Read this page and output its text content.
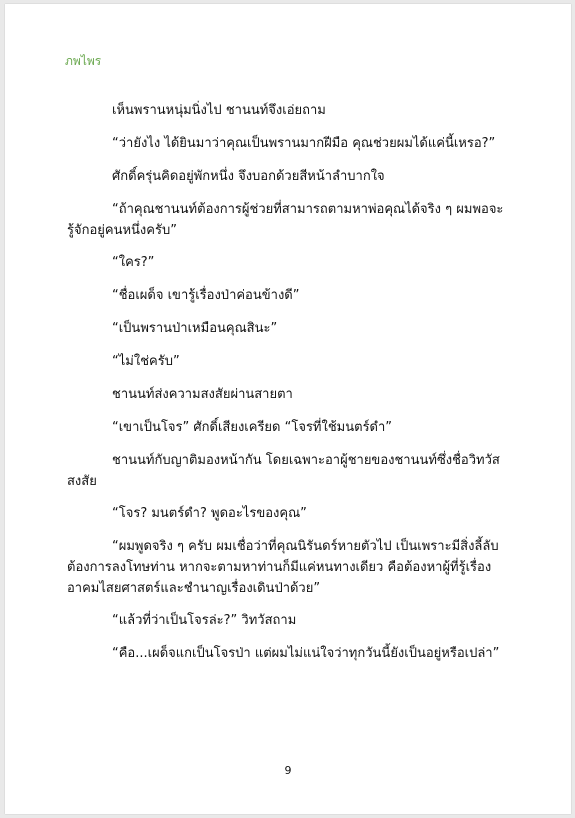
ภพไพร

เห็นพรานหนุ่มนิ่งไป ชานนท์จึงเอ่ยถาม

“ว่ายังไง ได้ยินมาว่าคุณเป็นพรานมากฝีมือ คุณช่วยผมได้แค่นี้เหรอ?”

ศักดิ์ครุ่นคิดอยู่พักหนึ่ง จึงบอกด้วยสีหน้าลำบากใจ

“ถ้าคุณชานนท์ต้องการผู้ช่วยที่สามารถตามหาพ่อคุณได้จริง ๆ ผมพอจะรู้จักอยู่คนหนึ่งครับ”

“ใคร?”

“ชื่อเผด็จ เขารู้เรื่องป่าค่อนข้างดี”

“เป็นพรานป่าเหมือนคุณสินะ”

“ไม่ใช่ครับ”

ชานนท์ส่งความสงสัยผ่านสายตา

“เขาเป็นโจร” ศักดิ์เสียงเครียด “โจรที่ใช้มนตร์ดำ”

ชานนท์กับญาติมองหน้ากัน โดยเฉพาะอาผู้ชายของชานนท์ซึ่งชื่อวิทวัสสงสัย

“โจร? มนตร์ดำ? พูดอะไรของคุณ”

“ผมพูดจริง ๆ ครับ ผมเชื่อว่าที่คุณนิรันดร์หายตัวไป เป็นเพราะมีสิ่งลี้ลับต้องการลงโทษท่าน หากจะตามหาท่านก็มีแค่หนทางเดียว คือต้องหาผู้ที่รู้เรื่องอาคมไสยศาสตร์และชำนาญเรื่องเดินป่าด้วย”

“แล้วที่ว่าเป็นโจรล่ะ?” วิทวัสถาม

“คือ...เผด็จแกเป็นโจรป่า แต่ผมไม่แน่ใจว่าทุกวันนี้ยังเป็นอยู่หรือเปล่า”

9
